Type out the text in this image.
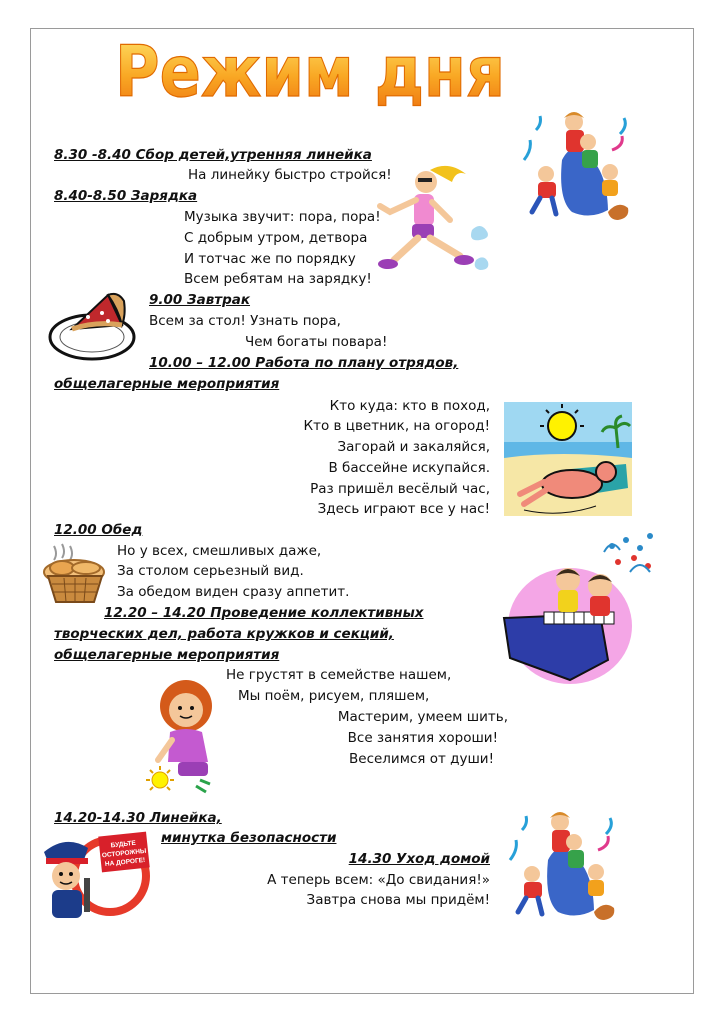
Режим дня
8.30 -8.40 Сбор детей,утренняя линейка
На линейку быстро стройся!
8.40-8.50 Зарядка
Музыка звучит: пора, пора!
С добрым утром, детвора
И тотчас же по порядку
Всем ребятам на зарядку!
9.00 Завтрак
Всем за стол! Узнать пора,
Чем богаты повара!
10.00 – 12.00 Работа по плану отрядов,
общелагерные мероприятия
Кто куда: кто в поход,
Кто в цветник, на огород!
Загорай и закаляйся,
В бассейне искупайся.
Раз пришёл весёлый час,
Здесь играют все у нас!
12.00 Обед
Но у всех, смешливых даже,
За столом серьезный вид.
За обедом виден сразу аппетит.
12.20 – 14.20 Проведение коллективных
творческих дел, работа кружков и секций,
общелагерные мероприятия
Не грустят в семействе нашем,
Мы поём, рисуем, пляшем,
Мастерим, умеем шить,
Все занятия хороши!
Веселимся от души!
14.20-14.30 Линейка,
минутка безопасности
14.30 Уход домой
А теперь всем: «До свидания!»
Завтра снова мы придём!
БУДЬТЕ
ОСТОРОЖНЫ
НА ДОРОГЕ!
